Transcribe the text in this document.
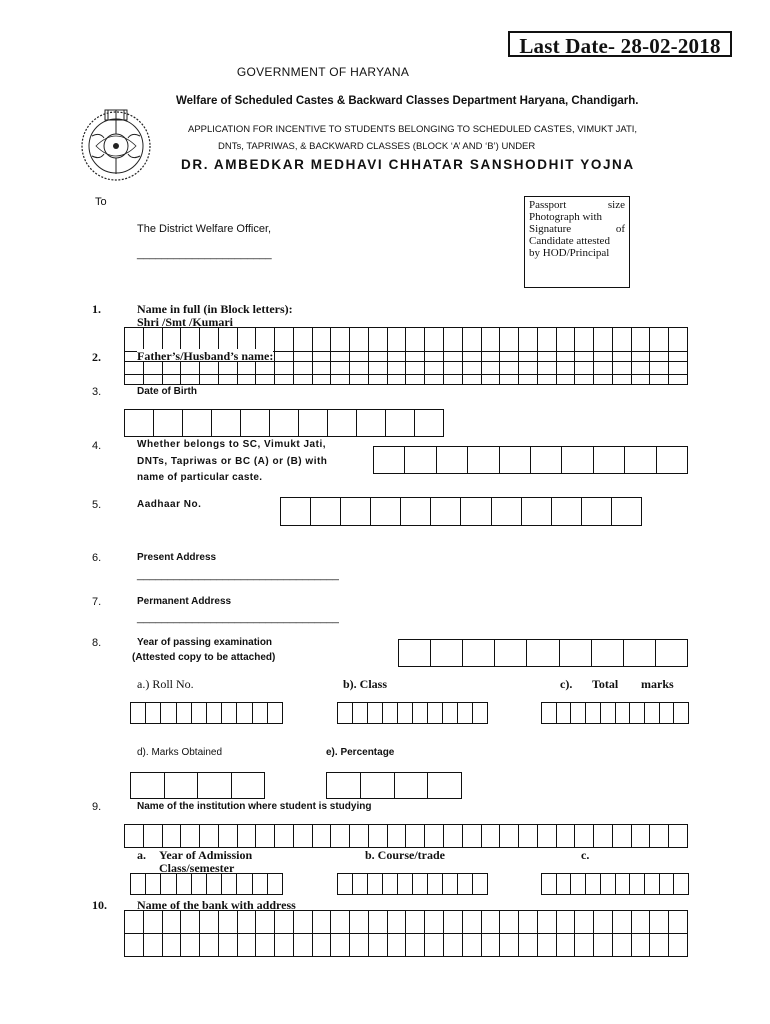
Last Date- 28-02-2018
GOVERNMENT OF HARYANA
Welfare of Scheduled Castes & Backward Classes Department Haryana, Chandigarh.
APPLICATION FOR INCENTIVE TO STUDENTS BELONGING TO SCHEDULED CASTES, VIMUKT JATI,
DNTs, TAPRIWAS, & BACKWARD CLASSES (BLOCK ‘A’ AND ‘B’) UNDER
DR. AMBEDKAR MEDHAVI CHHATAR SANSHODHIT YOJNA
To
The District Welfare Officer,
______________________
Passport	size
Photograph with
Signature	of
Candidate attested
by HOD/Principal
1.	Name in full (in Block letters):
Shri /Smt /Kumari
2.	Father’s/Husband’s name:
3.	Date of Birth
4.	Whether belongs to SC, Vimukt Jati,
DNTs, Tapriwas or BC (A) or (B) with
name of particular caste.
5.	Aadhaar No.
6.	Present Address
_________________________________
7.	Permanent Address
_________________________________
8.	Year of passing examination
(Attested copy to be attached)
a.) Roll No.	b). Class	c). Total marks
d). Marks Obtained	e). Percentage
9.	Name of the institution where student is studying
a. Year of Admission
Class/semester
b. Course/trade	c.
10.	Name of the bank with address
